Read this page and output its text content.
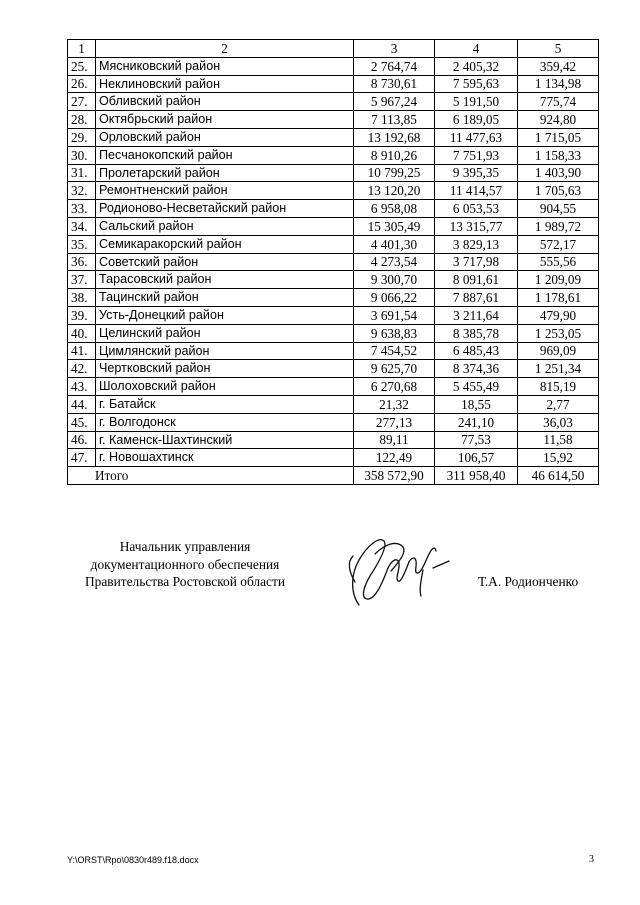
1	2	3	4	5
25.	Мясниковский район	2 764,74	2 405,32	359,42
26.	Неклиновский район	8 730,61	7 595,63	1 134,98
27.	Обливский район	5 967,24	5 191,50	775,74
28.	Октябрьский район	7 113,85	6 189,05	924,80
29.	Орловский район	13 192,68	11 477,63	1 715,05
30.	Песчанокопский район	8 910,26	7 751,93	1 158,33
31.	Пролетарский район	10 799,25	9 395,35	1 403,90
32.	Ремонтненский район	13 120,20	11 414,57	1 705,63
33.	Родионово-Несветайский район	6 958,08	6 053,53	904,55
34.	Сальский район	15 305,49	13 315,77	1 989,72
35.	Семикаракорский район	4 401,30	3 829,13	572,17
36.	Советский район	4 273,54	3 717,98	555,56
37.	Тарасовский район	9 300,70	8 091,61	1 209,09
38.	Тацинский район	9 066,22	7 887,61	1 178,61
39.	Усть-Донецкий район	3 691,54	3 211,64	479,90
40.	Целинский район	9 638,83	8 385,78	1 253,05
41.	Цимлянский район	7 454,52	6 485,43	969,09
42.	Чертковский район	9 625,70	8 374,36	1 251,34
43.	Шолоховский район	6 270,68	5 455,49	815,19
44.	г. Батайск	21,32	18,55	2,77
45.	г. Волгодонск	277,13	241,10	36,03
46.	г. Каменск-Шахтинский	89,11	77,53	11,58
47.	г. Новошахтинск	122,49	106,57	15,92
Итого		358 572,90	311 958,40	46 614,50
Начальник управления
документационного обеспечения
Правительства Ростовской области	Т.А. Родионченко
Y:\ORST\Rpo\0830r489.f18.docx	3
